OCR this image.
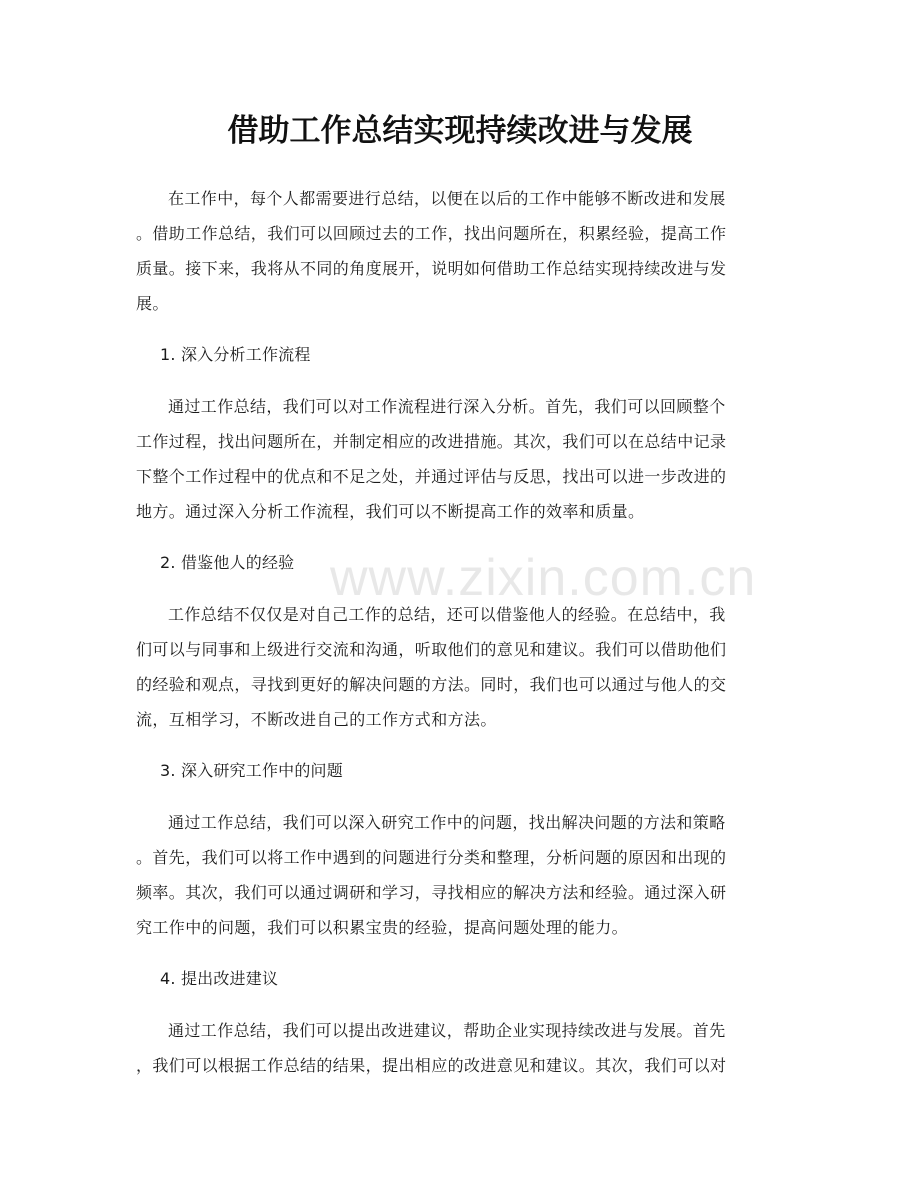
www.zixin.com.cn
借助工作总结实现持续改进与发展
在工作中，每个人都需要进行总结，以便在以后的工作中能够不断改进和发展
。借助工作总结，我们可以回顾过去的工作，找出问题所在，积累经验，提高工作
质量。接下来，我将从不同的角度展开，说明如何借助工作总结实现持续改进与发
展。
1. 深入分析工作流程
通过工作总结，我们可以对工作流程进行深入分析。首先，我们可以回顾整个
工作过程，找出问题所在，并制定相应的改进措施。其次，我们可以在总结中记录
下整个工作过程中的优点和不足之处，并通过评估与反思，找出可以进一步改进的
地方。通过深入分析工作流程，我们可以不断提高工作的效率和质量。
2. 借鉴他人的经验
工作总结不仅仅是对自己工作的总结，还可以借鉴他人的经验。在总结中，我
们可以与同事和上级进行交流和沟通，听取他们的意见和建议。我们可以借助他们
的经验和观点，寻找到更好的解决问题的方法。同时，我们也可以通过与他人的交
流，互相学习，不断改进自己的工作方式和方法。
3. 深入研究工作中的问题
通过工作总结，我们可以深入研究工作中的问题，找出解决问题的方法和策略
。首先，我们可以将工作中遇到的问题进行分类和整理，分析问题的原因和出现的
频率。其次，我们可以通过调研和学习，寻找相应的解决方法和经验。通过深入研
究工作中的问题，我们可以积累宝贵的经验，提高问题处理的能力。
4. 提出改进建议
通过工作总结，我们可以提出改进建议，帮助企业实现持续改进与发展。首先
，我们可以根据工作总结的结果，提出相应的改进意见和建议。其次，我们可以对
